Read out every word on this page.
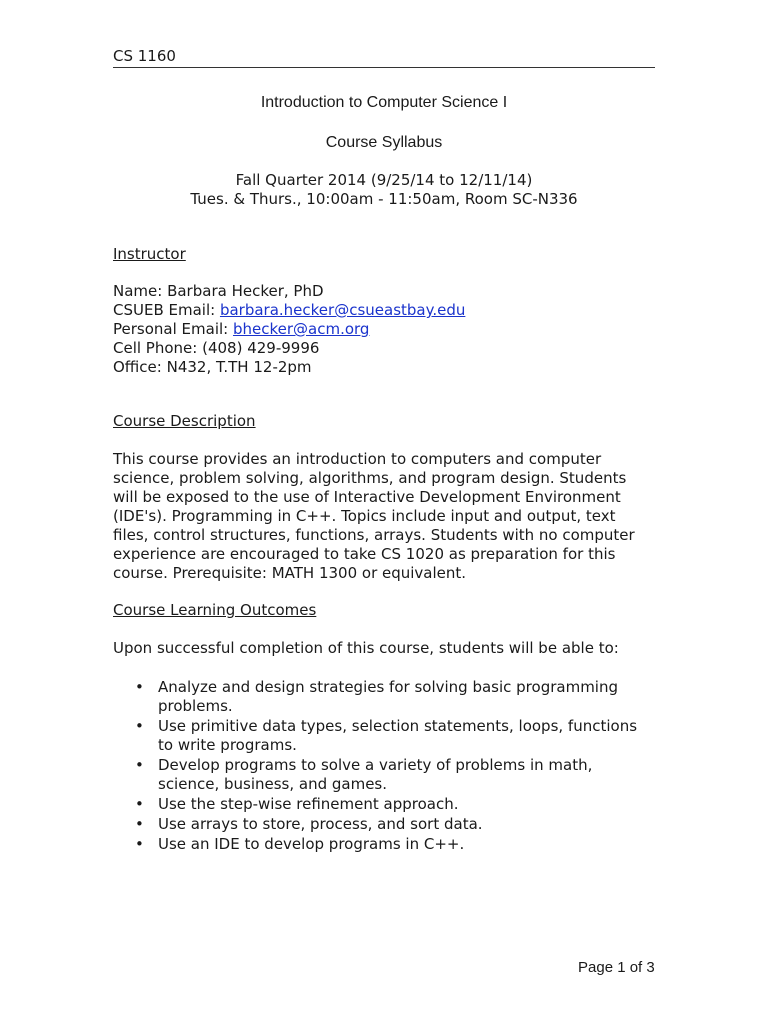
CS 1160
Introduction to Computer Science I
Course Syllabus
Fall Quarter 2014 (9/25/14 to 12/11/14)
Tues. & Thurs., 10:00am - 11:50am, Room SC-N336
Instructor
Name: Barbara Hecker, PhD
CSUEB Email: barbara.hecker@csueastbay.edu
Personal Email: bhecker@acm.org
Cell Phone: (408) 429-9996
Office: N432, T.TH 12-2pm
Course Description
This course provides an introduction to computers and computer
science, problem solving, algorithms, and program design. Students
will be exposed to the use of Interactive Development Environment
(IDE's). Programming in C++. Topics include input and output, text
files, control structures, functions, arrays. Students with no computer
experience are encouraged to take CS 1020 as preparation for this
course. Prerequisite: MATH 1300 or equivalent.
Course Learning Outcomes
Upon successful completion of this course, students will be able to:
• Analyze and design strategies for solving basic programming
problems.
• Use primitive data types, selection statements, loops, functions
to write programs.
• Develop programs to solve a variety of problems in math,
science, business, and games.
• Use the step-wise refinement approach.
• Use arrays to store, process, and sort data.
• Use an IDE to develop programs in C++.
Page 1 of 3
